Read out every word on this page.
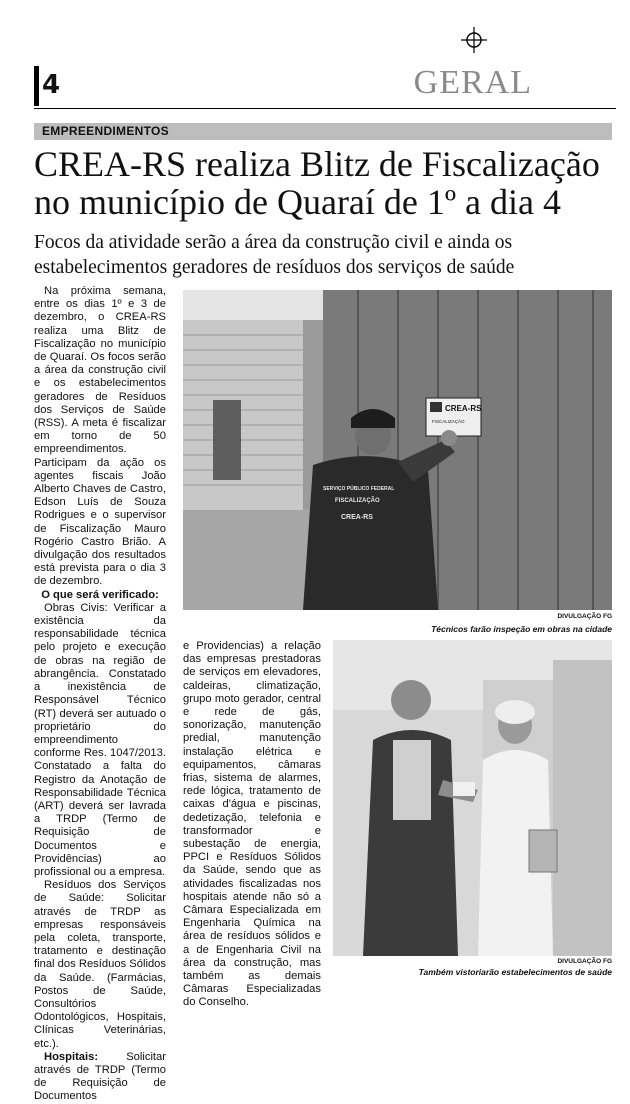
4	GERAL
EMPREENDIMENTOS
CREA-RS realiza Blitz de Fiscalização
no município de Quaraí de 1º a dia 4
Focos da atividade serão a área da construção civil e ainda os estabelecimentos geradores de resíduos dos serviços de saúde

Na próxima semana, entre os dias 1º e 3 de dezembro, o CREA-RS realiza uma Blitz de Fiscalização no município de Quaraí. Os focos serão a área da construção civil e os estabelecimentos geradores de Resíduos dos Serviços de Saúde (RSS). A meta é fiscalizar em torno de 50 empreendimentos. Participam da ação os agentes fiscais João Alberto Chaves de Castro, Edson Luís de Souza Rodrigues e o supervisor de Fiscalização Mauro Rogério Castro Brião. A divulgação dos resultados está prevista para o dia 3 de dezembro.

O que será verificado:

Obras Civis: Verificar a existência da responsabilidade técnica pelo projeto e execução de obras na região de abrangência. Constatado a inexistência de Responsável Técnico (RT) deverá ser autuado o proprietário do empreendimento conforme Res. 1047/2013. Constatado a falta do Registro da Anotação de Responsabilidade Técnica (ART) deverá ser lavrada a TRDP (Termo de Requisição de Documentos e Providências) ao profissional ou a empresa.

Resíduos dos Serviços de Saúde: Solicitar através de TRDP as empresas responsáveis pela coleta, transporte, tratamento e destinação final dos Resíduos Sólidos da Saúde. (Farmácias, Postos de Saúde, Consultórios Odontológicos, Hospitais, Clínicas Veterinárias, etc.).

Hospitais:	Solicitar através de TRDP (Termo de Requisição de Documentos

CREA-RS
FISCALIZAÇÃO
SERVIÇO PÚBLICO FEDERAL
FISCALIZAÇÃO
CREA-RS
DIVULGAÇÃO FG
Técnicos farão inspeção em obras na cidade

e Providencias) a relação das empresas prestadoras de serviços em elevadores, caldeiras, climatização, grupo moto gerador, central e rede de gás, sonorização, manutenção predial, manutenção instalação elétrica e equipamentos, câmaras frias, sistema de alarmes, rede lógica, tratamento de caixas d'água e piscinas, dedetização, telefonia e transformador e subestação de energia, PPCI e Resíduos Sólidos da Saúde, sendo que as atividades fiscalizadas nos hospitais atende não só a Câmara Especializada em Engenharia Química na área de resíduos sólidos e a de Engenharia Civil na área da construção, mas também as demais Câmaras Especializadas do Conselho.

DIVULGAÇÃO FG
Também vistoriarão estabelecimentos de saúde
